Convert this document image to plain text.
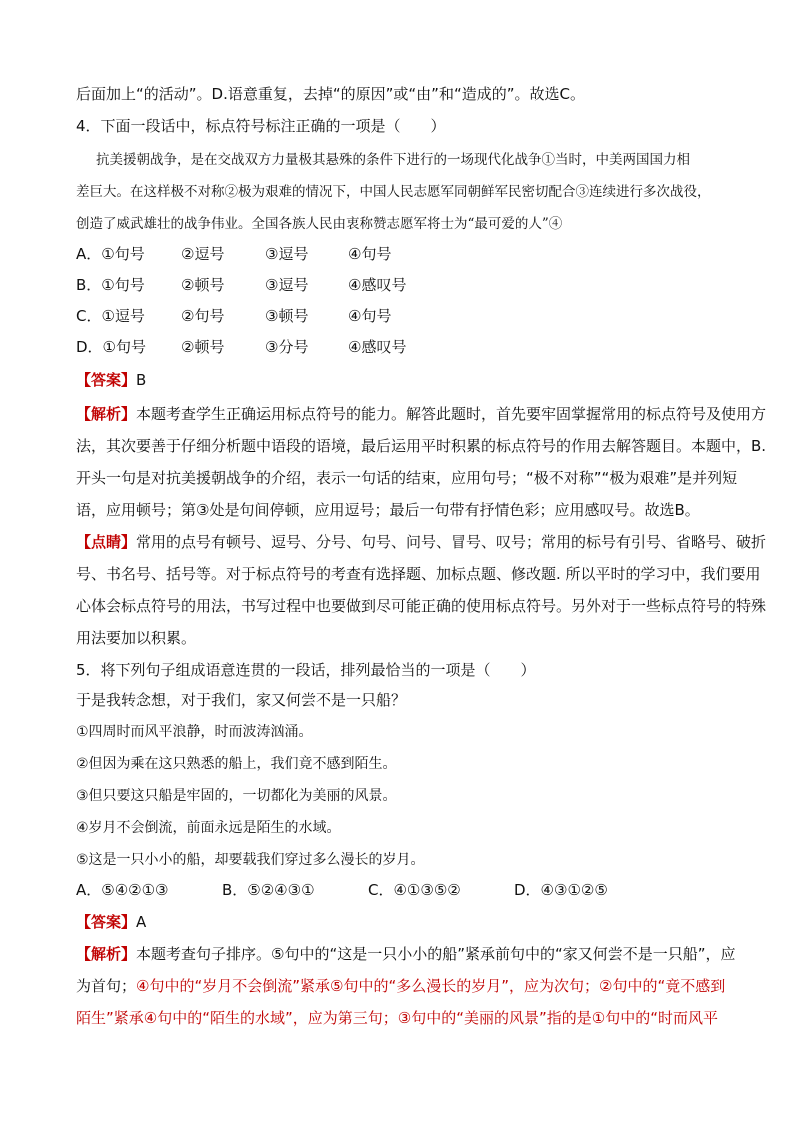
后面加上“的活动”。D.语意重复，去掉“的原因”或“由”和“造成的”。故选C。
4．下面一段话中，标点符号标注正确的一项是（　　）
抗美援朝战争，是在交战双方力量极其悬殊的条件下进行的一场现代化战争①当时，中美两国国力相
差巨大。在这样极不对称②极为艰难的情况下，中国人民志愿军同朝鲜军民密切配合③连续进行多次战役，
创造了威武雄壮的战争伟业。全国各族人民由衷称赞志愿军将士为“最可爱的人”④
A．①句号 ②逗号	③逗号	④句号
B．①句号 ②顿号	③逗号	④感叹号
C．①逗号 ②句号	③顿号	④句号
D．①句号 ②顿号	③分号	④感叹号
【答案】B
【解析】本题考查学生正确运用标点符号的能力。解答此题时，首先要牢固掌握常用的标点符号及使用方
法，其次要善于仔细分析题中语段的语境，最后运用平时积累的标点符号的作用去解答题目。本题中，B.
开头一句是对抗美援朝战争的介绍，表示一句话的结束，应用句号；“极不对称”“极为艰难”是并列短
语，应用顿号；第③处是句间停顿，应用逗号；最后一句带有抒情色彩；应用感叹号。故选B。
【点睛】常用的点号有顿号、逗号、分号、句号、问号、冒号、叹号；常用的标号有引号、省略号、破折
号、书名号、括号等。对于标点符号的考查有选择题、加标点题、修改题. 所以平时的学习中，我们要用
心体会标点符号的用法，书写过程中也要做到尽可能正确的使用标点符号。另外对于一些标点符号的特殊
用法要加以积累。
5．将下列句子组成语意连贯的一段话，排列最恰当的一项是（　　）
于是我转念想，对于我们，家又何尝不是一只船？
①四周时而风平浪静，时而波涛汹涌。
②但因为乘在这只熟悉的船上，我们竟不感到陌生。
③但只要这只船是牢固的，一切都化为美丽的风景。
④岁月不会倒流，前面永远是陌生的水域。
⑤这是一只小小的船，却要载我们穿过多么漫长的岁月。
A．⑤④②①③	B．⑤②④③①	C．④①③⑤②	D．④③①②⑤
【答案】A
【解析】本题考查句子排序。⑤句中的“这是一只小小的船”紧承前句中的“家又何尝不是一只船”，应
为首句；④句中的“岁月不会倒流”紧承⑤句中的“多么漫长的岁月”，应为次句；②句中的“竟不感到
陌生”紧承④句中的“陌生的水域”，应为第三句；③句中的“美丽的风景”指的是①句中的“时而风平
